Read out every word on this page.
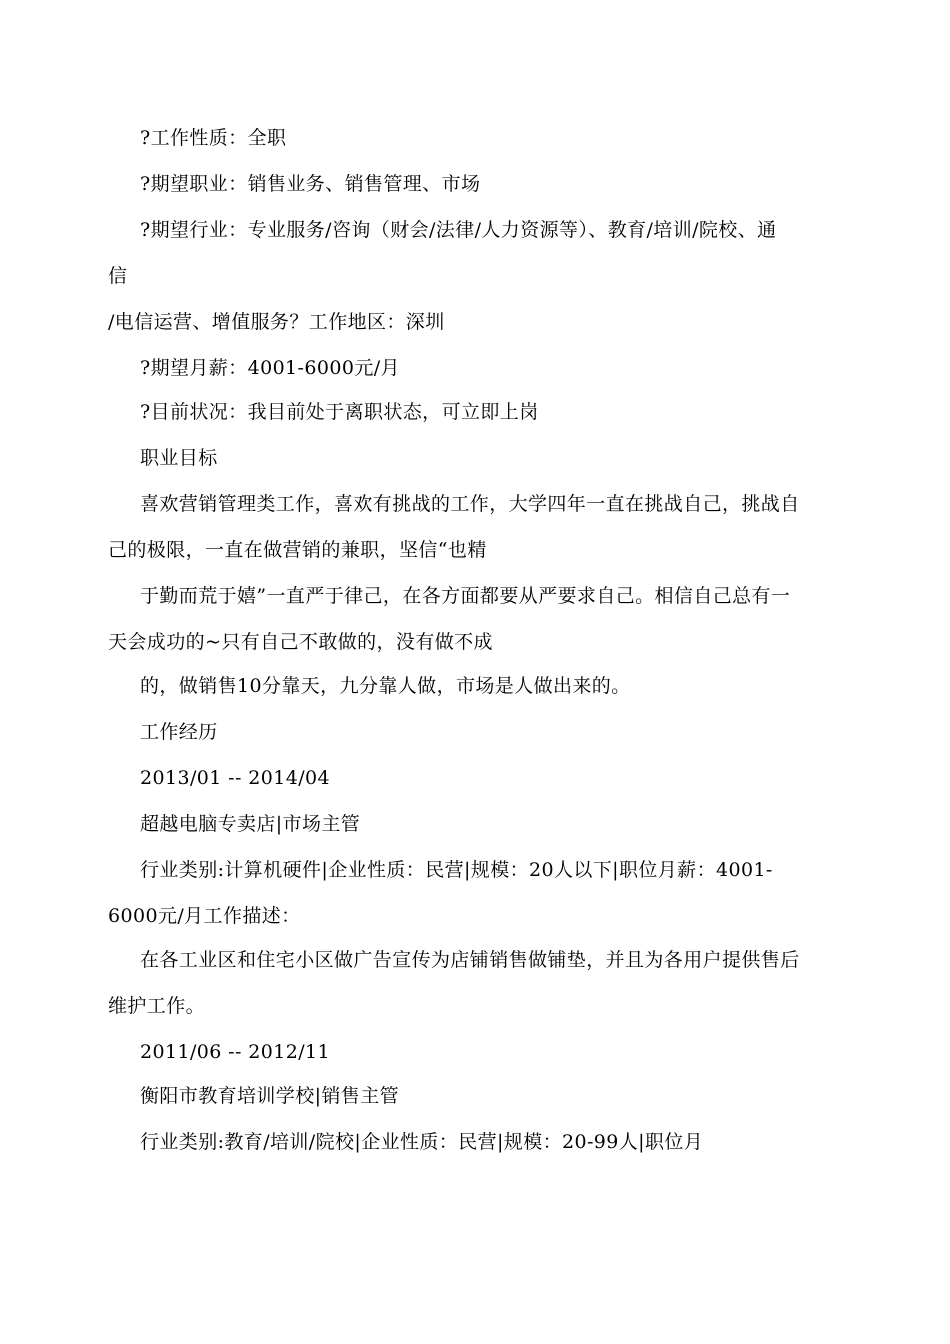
?工作性质：全职
?期望职业：销售业务、销售管理、市场
?期望行业：专业服务/咨询（财会/法律/人力资源等）、教育/培训/院校、通
信
/电信运营、增值服务？工作地区：深圳
?期望月薪：4001-6000元/月
?目前状况：我目前处于离职状态，可立即上岗
职业目标
喜欢营销管理类工作，喜欢有挑战的工作，大学四年一直在挑战自己，挑战自
己的极限，一直在做营销的兼职，坚信“也精
于勤而荒于嬉”一直严于律己，在各方面都要从严要求自己。相信自己总有一
天会成功的~只有自己不敢做的，没有做不成
的，做销售10分靠天，九分靠人做，市场是人做出来的。
工作经历
2013/01 -- 2014/04
超越电脑专卖店|市场主管
行业类别:计算机硬件|企业性质：民营|规模：20人以下|职位月薪：4001-
6000元/月工作描述：
在各工业区和住宅小区做广告宣传为店铺销售做铺垫，并且为各用户提供售后
维护工作。
2011/06 -- 2012/11
衡阳市教育培训学校|销售主管
行业类别:教育/培训/院校|企业性质：民营|规模：20-99人|职位月
